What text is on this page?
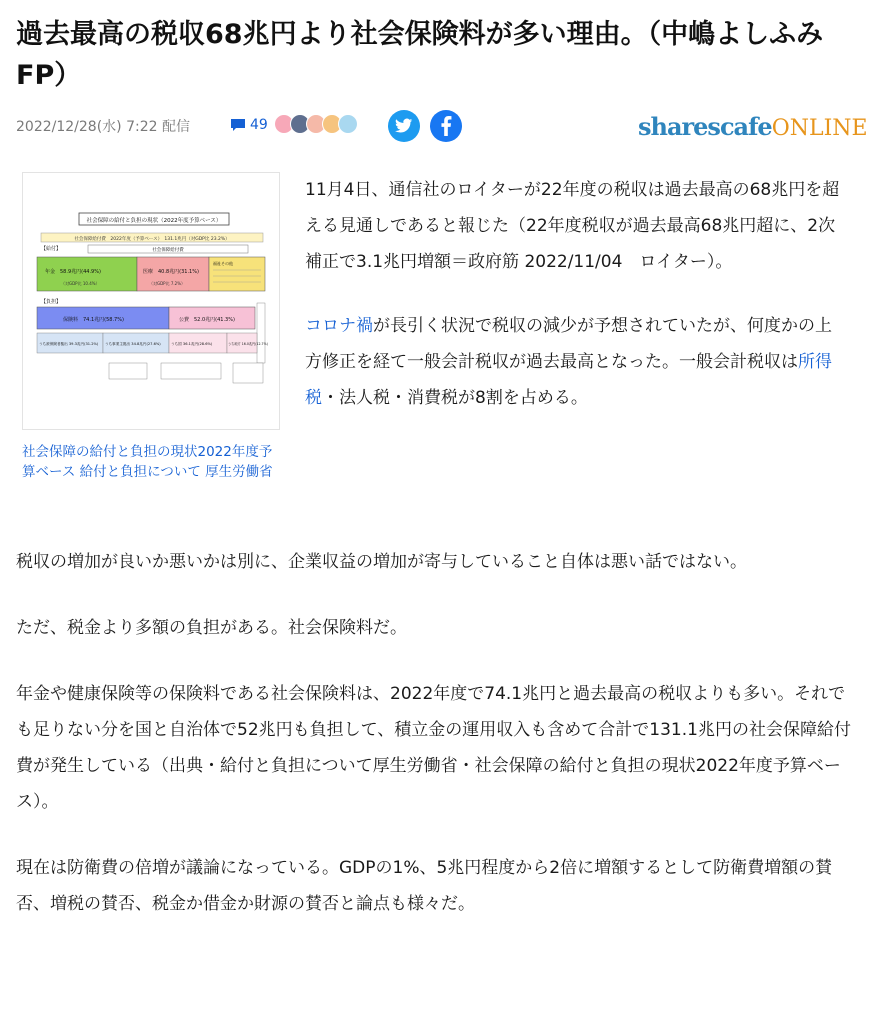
過去最高の税収68兆円より社会保険料が多い理由。（中嶋よしふみFP）
2022/12/28(水) 7:22 配信	49	sharescafeONLINE
社会保障の給付と負担の現状（2022年度予算ベース）
社会保障給付費　2022年度（予算ベース）　131.1兆円（対GDP比 23.2%）
【給付】	社会保障給付費
年金　58.9兆円(44.9%)
（対GDP比 10.4%）
医療　40.8兆円(31.1%)
（対GDP比 7.2%）
福祉その他
【負担】
保険料　74.1兆円(58.7%)	公費　52.0兆円(41.3%)
うち被保険者拠出 39.3兆円(31.2%) うち事業主拠出 34.8兆円(27.6%)	うち国 36.1兆円(28.6%)	うち地方 16.0兆円(12.7%)
社会保障の給付と負担の現状2022年度予算ベース 給付と負担について 厚生労働省

11月4日、通信社のロイターが22年度の税収は過去最高の68兆円を超える見通しであると報じた（22年度税収が過去最高68兆円超に、2次補正で3.1兆円増額＝政府筋 2022/11/04　ロイター）。

コロナ禍が長引く状況で税収の減少が予想されていたが、何度かの上方修正を経て一般会計税収が過去最高となった。一般会計税収は所得税・法人税・消費税が8割を占める。

税収の増加が良いか悪いかは別に、企業収益の増加が寄与していること自体は悪い話ではない。

ただ、税金より多額の負担がある。社会保険料だ。

年金や健康保険等の保険料である社会保険料は、2022年度で74.1兆円と過去最高の税収よりも多い。それでも足りない分を国と自治体で52兆円も負担して、積立金の運用収入も含めて合計で131.1兆円の社会保障給付費が発生している（出典・給付と負担について厚生労働省・社会保障の給付と負担の現状2022年度予算ベース）。

現在は防衛費の倍増が議論になっている。GDPの1%、5兆円程度から2倍に増額するとして防衛費増額の賛否、増税の賛否、税金か借金か財源の賛否と論点も様々だ。
